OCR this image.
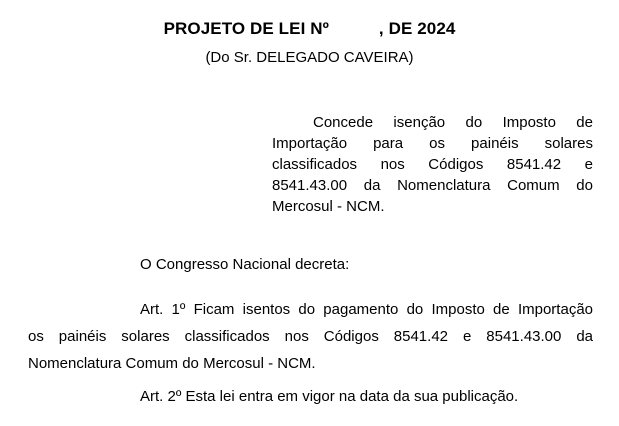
PROJETO DE LEI Nº	, DE 2024
(Do Sr. DELEGADO CAVEIRA)
Concede isenção do Imposto de
Importação para os painéis solares
classificados nos Códigos 8541.42 e
8541.43.00 da Nomenclatura Comum do
Mercosul - NCM.
O Congresso Nacional decreta:
Art. 1º Ficam isentos do pagamento do Imposto de Importação
os painéis solares classificados nos Códigos 8541.42 e 8541.43.00 da
Nomenclatura Comum do Mercosul - NCM.
Art. 2º Esta lei entra em vigor na data da sua publicação.
